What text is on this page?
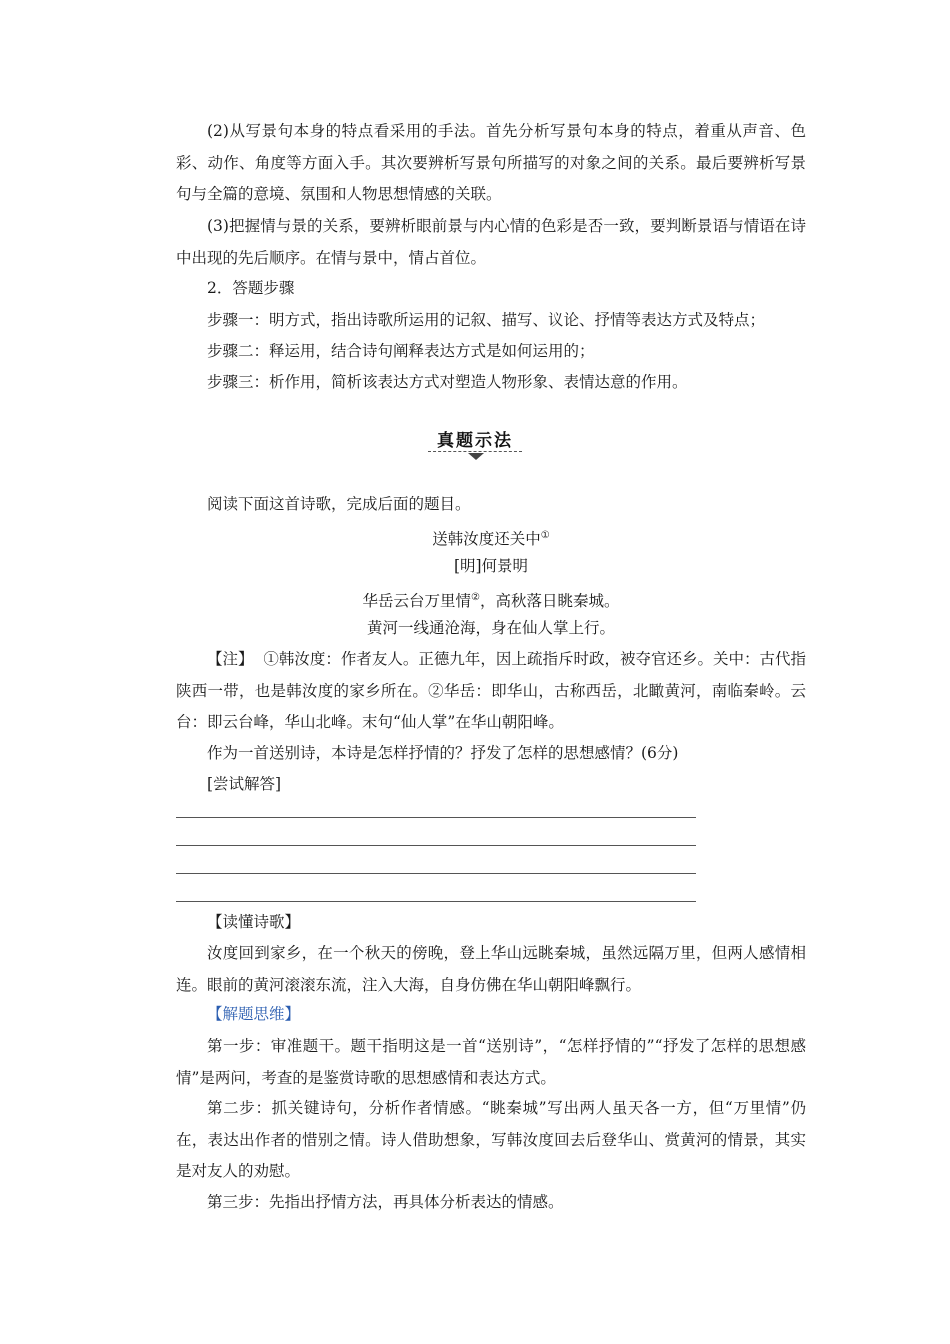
(2)从写景句本身的特点看采用的手法。首先分析写景句本身的特点，着重从声音、色彩、动作、角度等方面入手。其次要辨析写景句所描写的对象之间的关系。最后要辨析写景句与全篇的意境、氛围和人物思想情感的关联。

(3)把握情与景的关系，要辨析眼前景与内心情的色彩是否一致，要判断景语与情语在诗中出现的先后顺序。在情与景中，情占首位。

2．答题步骤

步骤一：明方式，指出诗歌所运用的记叙、描写、议论、抒情等表达方式及特点；

步骤二：释运用，结合诗句阐释表达方式是如何运用的；

步骤三：析作用，简析该表达方式对塑造人物形象、表情达意的作用。

真题示法

阅读下面这首诗歌，完成后面的题目。

送韩汝度还关中①
[明]何景明
华岳云台万里情②，高秋落日眺秦城。
黄河一线通沧海，身在仙人掌上行。

【注】 ①韩汝度：作者友人。正德九年，因上疏指斥时政，被夺官还乡。关中：古代指陕西一带，也是韩汝度的家乡所在。②华岳：即华山，古称西岳，北瞰黄河，南临秦岭。云台：即云台峰，华山北峰。末句“仙人掌”在华山朝阳峰。

作为一首送别诗，本诗是怎样抒情的？抒发了怎样的思想感情？(6分)

[尝试解答]

【读懂诗歌】

汝度回到家乡，在一个秋天的傍晚，登上华山远眺秦城，虽然远隔万里，但两人感情相连。眼前的黄河滚滚东流，注入大海，自身仿佛在华山朝阳峰飘行。

【解题思维】

第一步：审准题干。题干指明这是一首“送别诗”，“怎样抒情的”“抒发了怎样的思想感情”是两问，考查的是鉴赏诗歌的思想感情和表达方式。

第二步：抓关键诗句，分析作者情感。“眺秦城”写出两人虽天各一方，但“万里情”仍在，表达出作者的惜别之情。诗人借助想象，写韩汝度回去后登华山、赏黄河的情景，其实是对友人的劝慰。

第三步：先指出抒情方法，再具体分析表达的情感。
